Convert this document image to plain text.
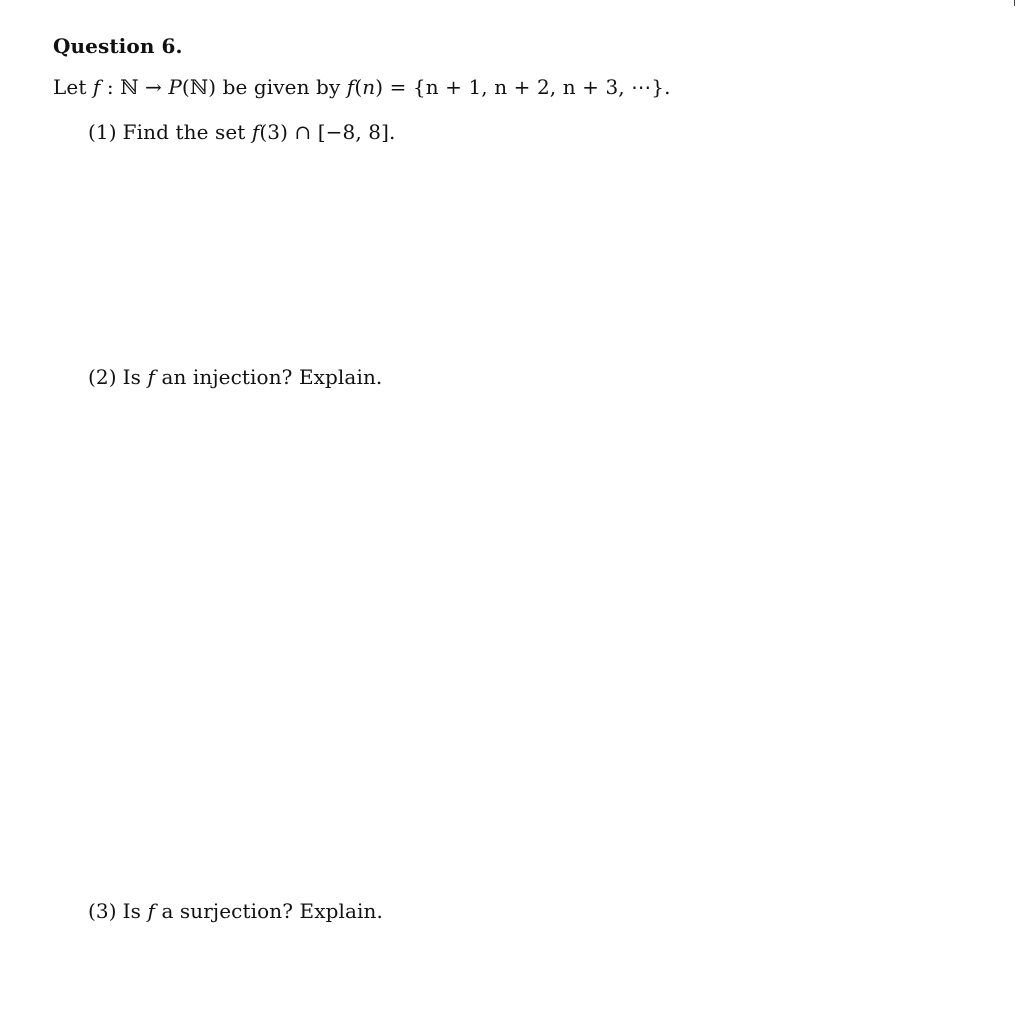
Question 6.
Let f : ℕ → P(ℕ) be given by f(n) = {n + 1, n + 2, n + 3, ⋯}.
(1) Find the set f(3) ∩ [−8, 8].
(2) Is f an injection? Explain.
(3) Is f a surjection? Explain.
